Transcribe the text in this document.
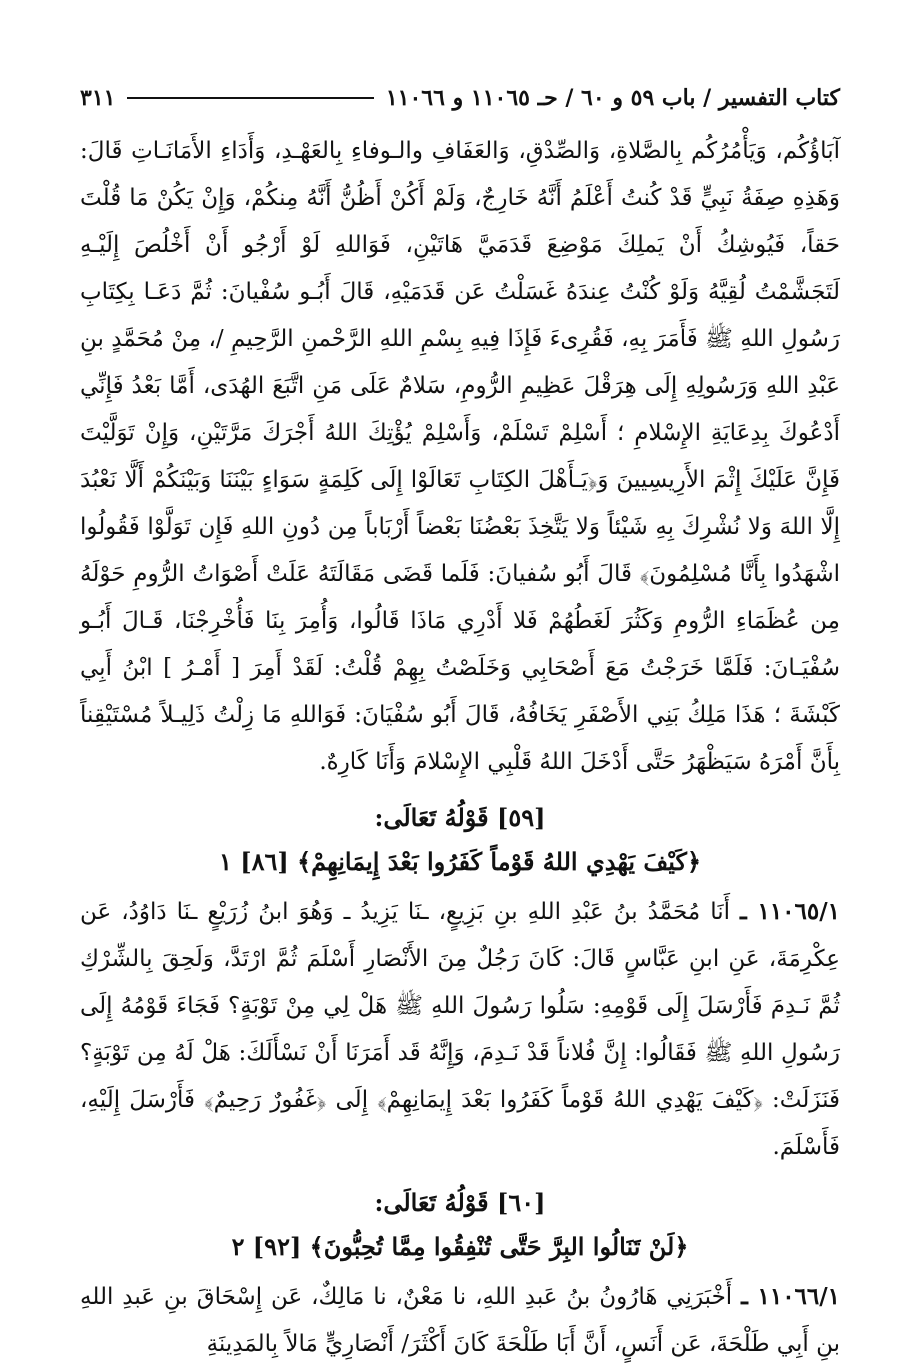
كتاب التفسير / باب ٥٩ و ٦٠ / حـ ١١٠٦٥ و ١١٠٦٦
٣١١

آبَاؤُكُم، وَيَأْمُرُكُم بِالصَّلاةِ، وَالصِّدْقِ، وَالعَفَافِ والـوفاءِ بِالعَهْـدِ، وَأَدَاءِ الأَمَانَـاتِ قَالَ: وَهَذِهِ صِفَةُ نَبِيٍّ قَدْ كُنتُ أَعْلَمُ أَنَّهُ خَارِجٌ، وَلَمْ أَكُنْ أَظُنُّ أَنَّهُ مِنكُمْ، وَإِنْ يَكُنْ مَا قُلْتَ حَقاً، فَيُوشِكُ أَنْ يَملِكَ مَوْضِعَ قَدَمَيَّ هَاتَيْنِ، فَوَاللهِ لَوْ أَرْجُو أَنْ أَخْلُصَ إِلَيْـهِ لَتَجَشَّمْتُ لُقِيَّهُ وَلَوْ كُنْتُ عِندَهُ غَسَلْتُ عَن قَدَمَيْهِ، قَالَ أَبُـو سُفْيانَ: ثُمَّ دَعَـا بِكِتَابِ رَسُولِ اللهِ ﷺ فَأَمَرَ بِهِ، فَقُرِىءَ فَإِذَا فِيهِ بِسْمِ اللهِ الرَّحْمنِ الرَّحِيمِ /، مِنْ مُحَمَّدٍ بنِ عَبْدِ اللهِ وَرَسُولِهِ إِلَى هِرَقْلَ عَظِيمِ الرُّومِ، سَلامٌ عَلَى مَنِ اتَّبَعَ الهُدَى، أَمَّا بَعْدُ فَإِنِّي أَدْعُوكَ بِدِعَايَةِ الإِسْلامِ ؛ أَسْلِمْ تَسْلَمْ، وَأَسْلِمْ يُؤْتِكَ اللهُ أَجْرَكَ مَرَّتَيْنِ، وَإِنْ تَوَلَّيْتَ فَإِنَّ عَلَيْكَ إِثْمَ الأَرِيسِيينَ وَ﴿يَـأَهْلَ الكِتَابِ تَعَالَوْا إِلَى كَلِمَةٍ سَوَاءٍ بَيْنَنَا وَبَيْنَكُمْ أَلَّا نَعْبُدَ إِلَّا اللهَ وَلا نُشْرِكَ بِهِ شَيْئاً وَلا يَتَّخِذَ بَعْضُنَا بَعْضاً أَرْبَاباً مِن دُونِ اللهِ فَإِن تَوَلَّوْا فَقُولُوا اشْهَدُوا بِأَنَّا مُسْلِمُونَ﴾ قَالَ أَبُو سُفيانَ: فَلَما قَضَى مَقَالَتَهُ عَلَتْ أَصْوَاتُ الرُّومِ حَوْلَهُ مِن عُظَمَاءِ الرُّومِ وَكَثُرَ لَغَطُهُمْ فَلا أَدْرِي مَاذَا قَالُوا، وَأُمِرَ بِنَا فَأُخْرِجْنَا، قَـالَ أَبُـو سُفْيَـانَ: فَلَمَّا خَرَجْتُ مَعَ أَصْحَابِي وَخَلَصْتُ بِهِمْ قُلْتُ: لَقَدْ أَمِرَ [ أَمْـرُ ] ابْنُ أَبِي كَبْشَةَ ؛ هَذَا مَلِكُ بَنِي الأَصْفَرِ يَخَافُهُ، قَالَ أَبُو سُفْيَانَ: فَوَاللهِ مَا زِلْتُ ذَلِيـلاً مُسْتَيْقِناً بِأَنَّ أَمْرَهُ سَيَظْهَرُ حَتَّى أَدْخَلَ اللهُ قَلْبِي الإِسْلامَ وَأَنَا كَارِهٌ.

[٥٩] قَوْلُهُ تَعَالَى:

﴿كَيْفَ يَهْدِي اللهُ قَوْماً كَفَرُوا بَعْدَ إِيمَانِهِمْ﴾ [٨٦] ١

١١٠٦٥/١ ـ أَنَا مُحَمَّدُ بنُ عَبْدِ اللهِ بنِ بَزِيعٍ، ـنَا يَزِيدُ ـ وَهُوَ ابنُ زُرَيْعٍ ـنَا دَاوُدُ، عَن عِكْرِمَةَ، عَنِ ابنِ عَبَّاسٍ قَالَ: كَانَ رَجُلٌ مِنَ الأَنْصَارِ أَسْلَمَ ثُمَّ ارْتَدَّ، وَلَحِقَ بِالشِّرْكِ ثُمَّ نَـدِمَ فَأَرْسَلَ إِلَى قَوْمِهِ: سَلُوا رَسُولَ اللهِ ﷺ هَلْ لِي مِنْ تَوْبَةٍ؟ فَجَاءَ قَوْمُهُ إِلَى رَسُولِ اللهِ ﷺ فَقَالُوا: إِنَّ فُلاناً قَدْ نَـدِمَ، وَإِنَّهُ قَد أَمَرَنَا أَنْ نَسْأَلَكَ: هَلْ لَهُ مِن تَوْبَةٍ؟ فَنَزَلَتْ: ﴿كَيْفَ يَهْدِي اللهُ قَوْماً كَفَرُوا بَعْدَ إِيمَانِهِمْ﴾ إِلَى ﴿غَفُورٌ رَحِيمٌ﴾ فَأَرْسَلَ إِلَيْهِ، فَأَسْلَمَ.

[٦٠] قَوْلُهُ تَعَالَى:

﴿لَنْ تَنَالُوا البِرَّ حَتَّى تُنْفِقُوا مِمَّا تُحِبُّونَ﴾ [٩٢] ٢

١١٠٦٦/١ ـ أَخْبَرَنِي هَارُونُ بنُ عَبدِ اللهِ، نا مَعْنٌ، نا مَالِكٌ، عَن إِسْحَاقَ بنِ عَبدِ اللهِ بنِ أَبِي طَلْحَةَ، عَن أَنَسٍ، أَنَّ أَبَا طَلْحَةَ كَانَ أَكْثَرَ/ أَنْصَارِيٍّ مَالاً بِالمَدِينَةِ
